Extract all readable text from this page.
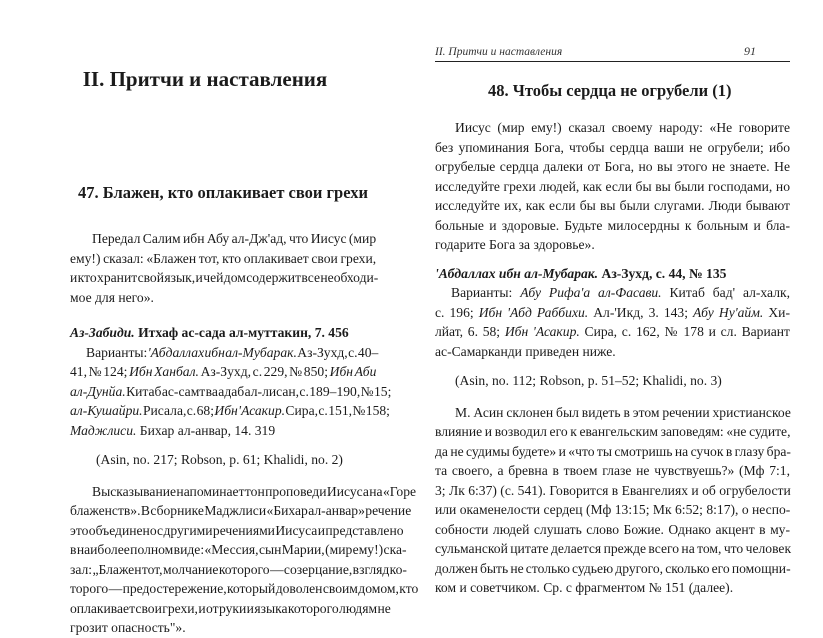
II. Притчи и наставления
47. Блажен, кто оплакивает свои грехи
Передал Салим ибн Абу ал-Дж'ад, что Иисус (мир
ему!) сказал: «Блажен тот, кто оплакивает свои грехи,
и кто хранит свой язык, и чей дом содержит все необходи-
мое для него».
Аз-Забиди. Итхаф ас-сада ал-муттакин, 7. 456
Варианты: 'Абдаллах ибн ал-Мубарак. Аз-Зухд, с. 40–
41, № 124; Ибн Ханбал. Аз-Зухд, с. 229, № 850; Ибн Аби
ал-Дунйа. Китаб ас-самт ва адаб ал-лисан, с. 189–190, № 15;
ал-Кушайри. Рисала, с. 68; Ибн 'Асакир. Сира, с. 151, № 158;
Маджлиси. Бихар ал-анвар, 14. 319
(Asin, no. 217; Robson, p. 61; Khalidi, no. 2)
Высказывание напоминает тон проповеди Иисуса на «Горе
блаженств». В сборнике Маджлиси «Бихар ал-анвар» речение
это объединено с другими речениями Иисуса и представлено
в наиболее полном виде: «Мессия, сын Марии, (мир ему!) ска-
зал: „Блажен тот, молчание которого — созерцание, взгляд ко-
торого — предостережение, который доволен своим домом, кто
оплакивает свои грехи, и от руки и языка которого людям не
грозит опасность"».
II. Притчи и наставления	91
48. Чтобы сердца не огрубели (1)
Иисус (мир ему!) сказал своему народу: «Не говорите
без упоминания Бога, чтобы сердца ваши не огрубели; ибо
огрубелые сердца далеки от Бога, но вы этого не знаете. Не
исследуйте грехи людей, как если бы вы были господами, но
исследуйте их, как если бы вы были слугами. Люди бывают
больные и здоровые. Будьте милосердны к больным и бла-
годарите Бога за здоровье».
'Абдаллах ибн ал-Мубарак. Аз-Зухд, с. 44, № 135
Варианты: Абу Рифа'а ал-Фасави. Китаб бад' ал-халк,
с. 196; Ибн 'Абд Раббихи. Ал-'Икд, 3. 143; Абу Ну'айм. Хи-
лйат, 6. 58; Ибн 'Асакир. Сира, с. 162, № 178 и сл. Вариант
ас-Самарканди приведен ниже.
(Asin, no. 112; Robson, p. 51–52; Khalidi, no. 3)
М. Асин склонен был видеть в этом речении христианское
влияние и возводил его к евангельским заповедям: «не судите,
да не судимы будете» и «что ты смотришь на сучок в глазу бра-
та своего, а бревна в твоем глазе не чувствуешь?» (Мф 7:1,
3; Лк 6:37) (с. 541). Говорится в Евангелиях и об огрубелости
или окаменелости сердец (Мф 13:15; Мк 6:52; 8:17), о неспо-
собности людей слушать слово Божие. Однако акцент в му-
сульманской цитате делается прежде всего на том, что человек
должен быть не столько судьею другого, сколько его помощни-
ком и советчиком. Ср. с фрагментом № 151 (далее).
